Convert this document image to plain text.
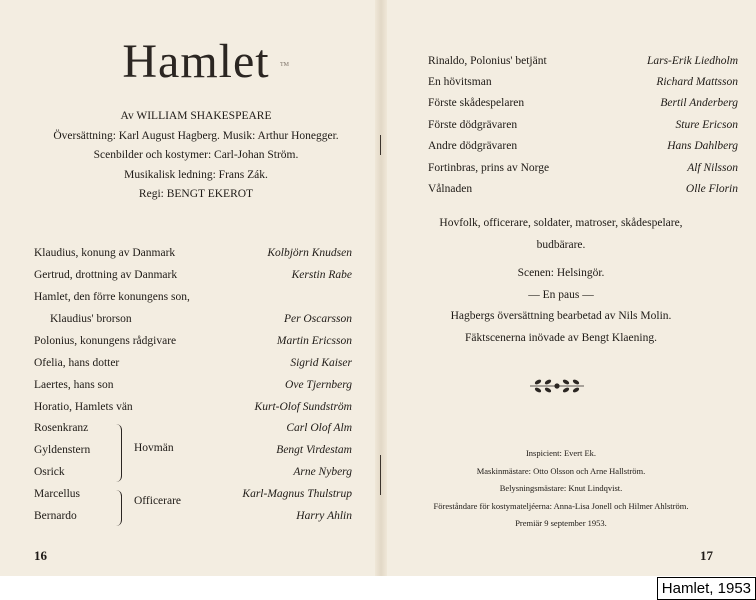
Hamlet	TM
Av WILLIAM SHAKESPEARE
Översättning: Karl August Hagberg. Musik: Arthur Honegger.
Scenbilder och kostymer: Carl-Johan Ström.
Musikalisk ledning: Frans Zák.
Regi: BENGT EKEROT
Klaudius, konung av Danmark	Kolbjörn Knudsen
Gertrud, drottning av Danmark	Kerstin Rabe
Hamlet, den förre konungens son,
Klaudius' brorson	Per Oscarsson
Polonius, konungens rådgivare	Martin Ericsson
Ofelia, hans dotter	Sigrid Kaiser
Laertes, hans son	Ove Tjernberg
Horatio, Hamlets vän	Kurt-Olof Sundström
Rosenkranz	Carl Olof Alm
Gyldenstern	Bengt Virdestam
Osrick	Arne Nyberg
Hovmän
Marcellus	Karl-Magnus Thulstrup
Bernardo	Harry Ahlin
Officerare
16
Rinaldo, Polonius' betjänt	Lars-Erik Liedholm
En hövitsman	Richard Mattsson
Förste skådespelaren	Bertil Anderberg
Förste dödgrävaren	Sture Ericson
Andre dödgrävaren	Hans Dahlberg
Fortinbras, prins av Norge	Alf Nilsson
Vålnaden	Olle Florin
Hovfolk, officerare, soldater, matroser, skådespelare,
budbärare.
Scenen: Helsingör.
— En paus —
Hagbergs översättning bearbetad av Nils Molin.
Fäktscenerna inövade av Bengt Klaening.
Inspicient: Evert Ek.
Maskinmästare: Otto Olsson och Arne Hallström.
Belysningsmästare: Knut Lindqvist.
Föreståndare för kostymateljéerna: Anna-Lisa Jonell och Hilmer Ahlström.
Premiär 9 september 1953.
17
Hamlet, 1953
